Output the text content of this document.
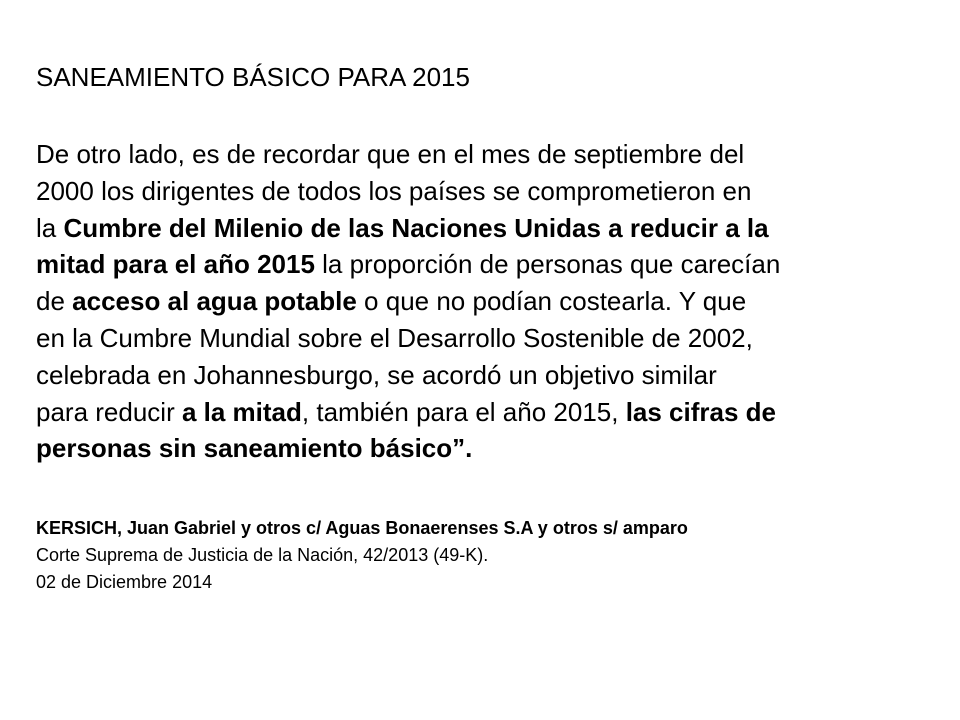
SANEAMIENTO BÁSICO PARA 2015
De otro lado, es de recordar que en el mes de septiembre del
2000 los dirigentes de todos los países se comprometieron en
la Cumbre del Milenio de las Naciones Unidas a reducir a la
mitad para el año 2015 la proporción de personas que carecían
de acceso al agua potable o que no podían costearla. Y que
en la Cumbre Mundial sobre el Desarrollo Sostenible de 2002,
celebrada en Johannesburgo, se acordó un objetivo similar
para reducir a la mitad, también para el año 2015, las cifras de
personas sin saneamiento básico”.
KERSICH, Juan Gabriel y otros c/ Aguas Bonaerenses S.A y otros s/ amparo
Corte Suprema de Justicia de la Nación, 42/2013 (49-K).
02 de Diciembre 2014
